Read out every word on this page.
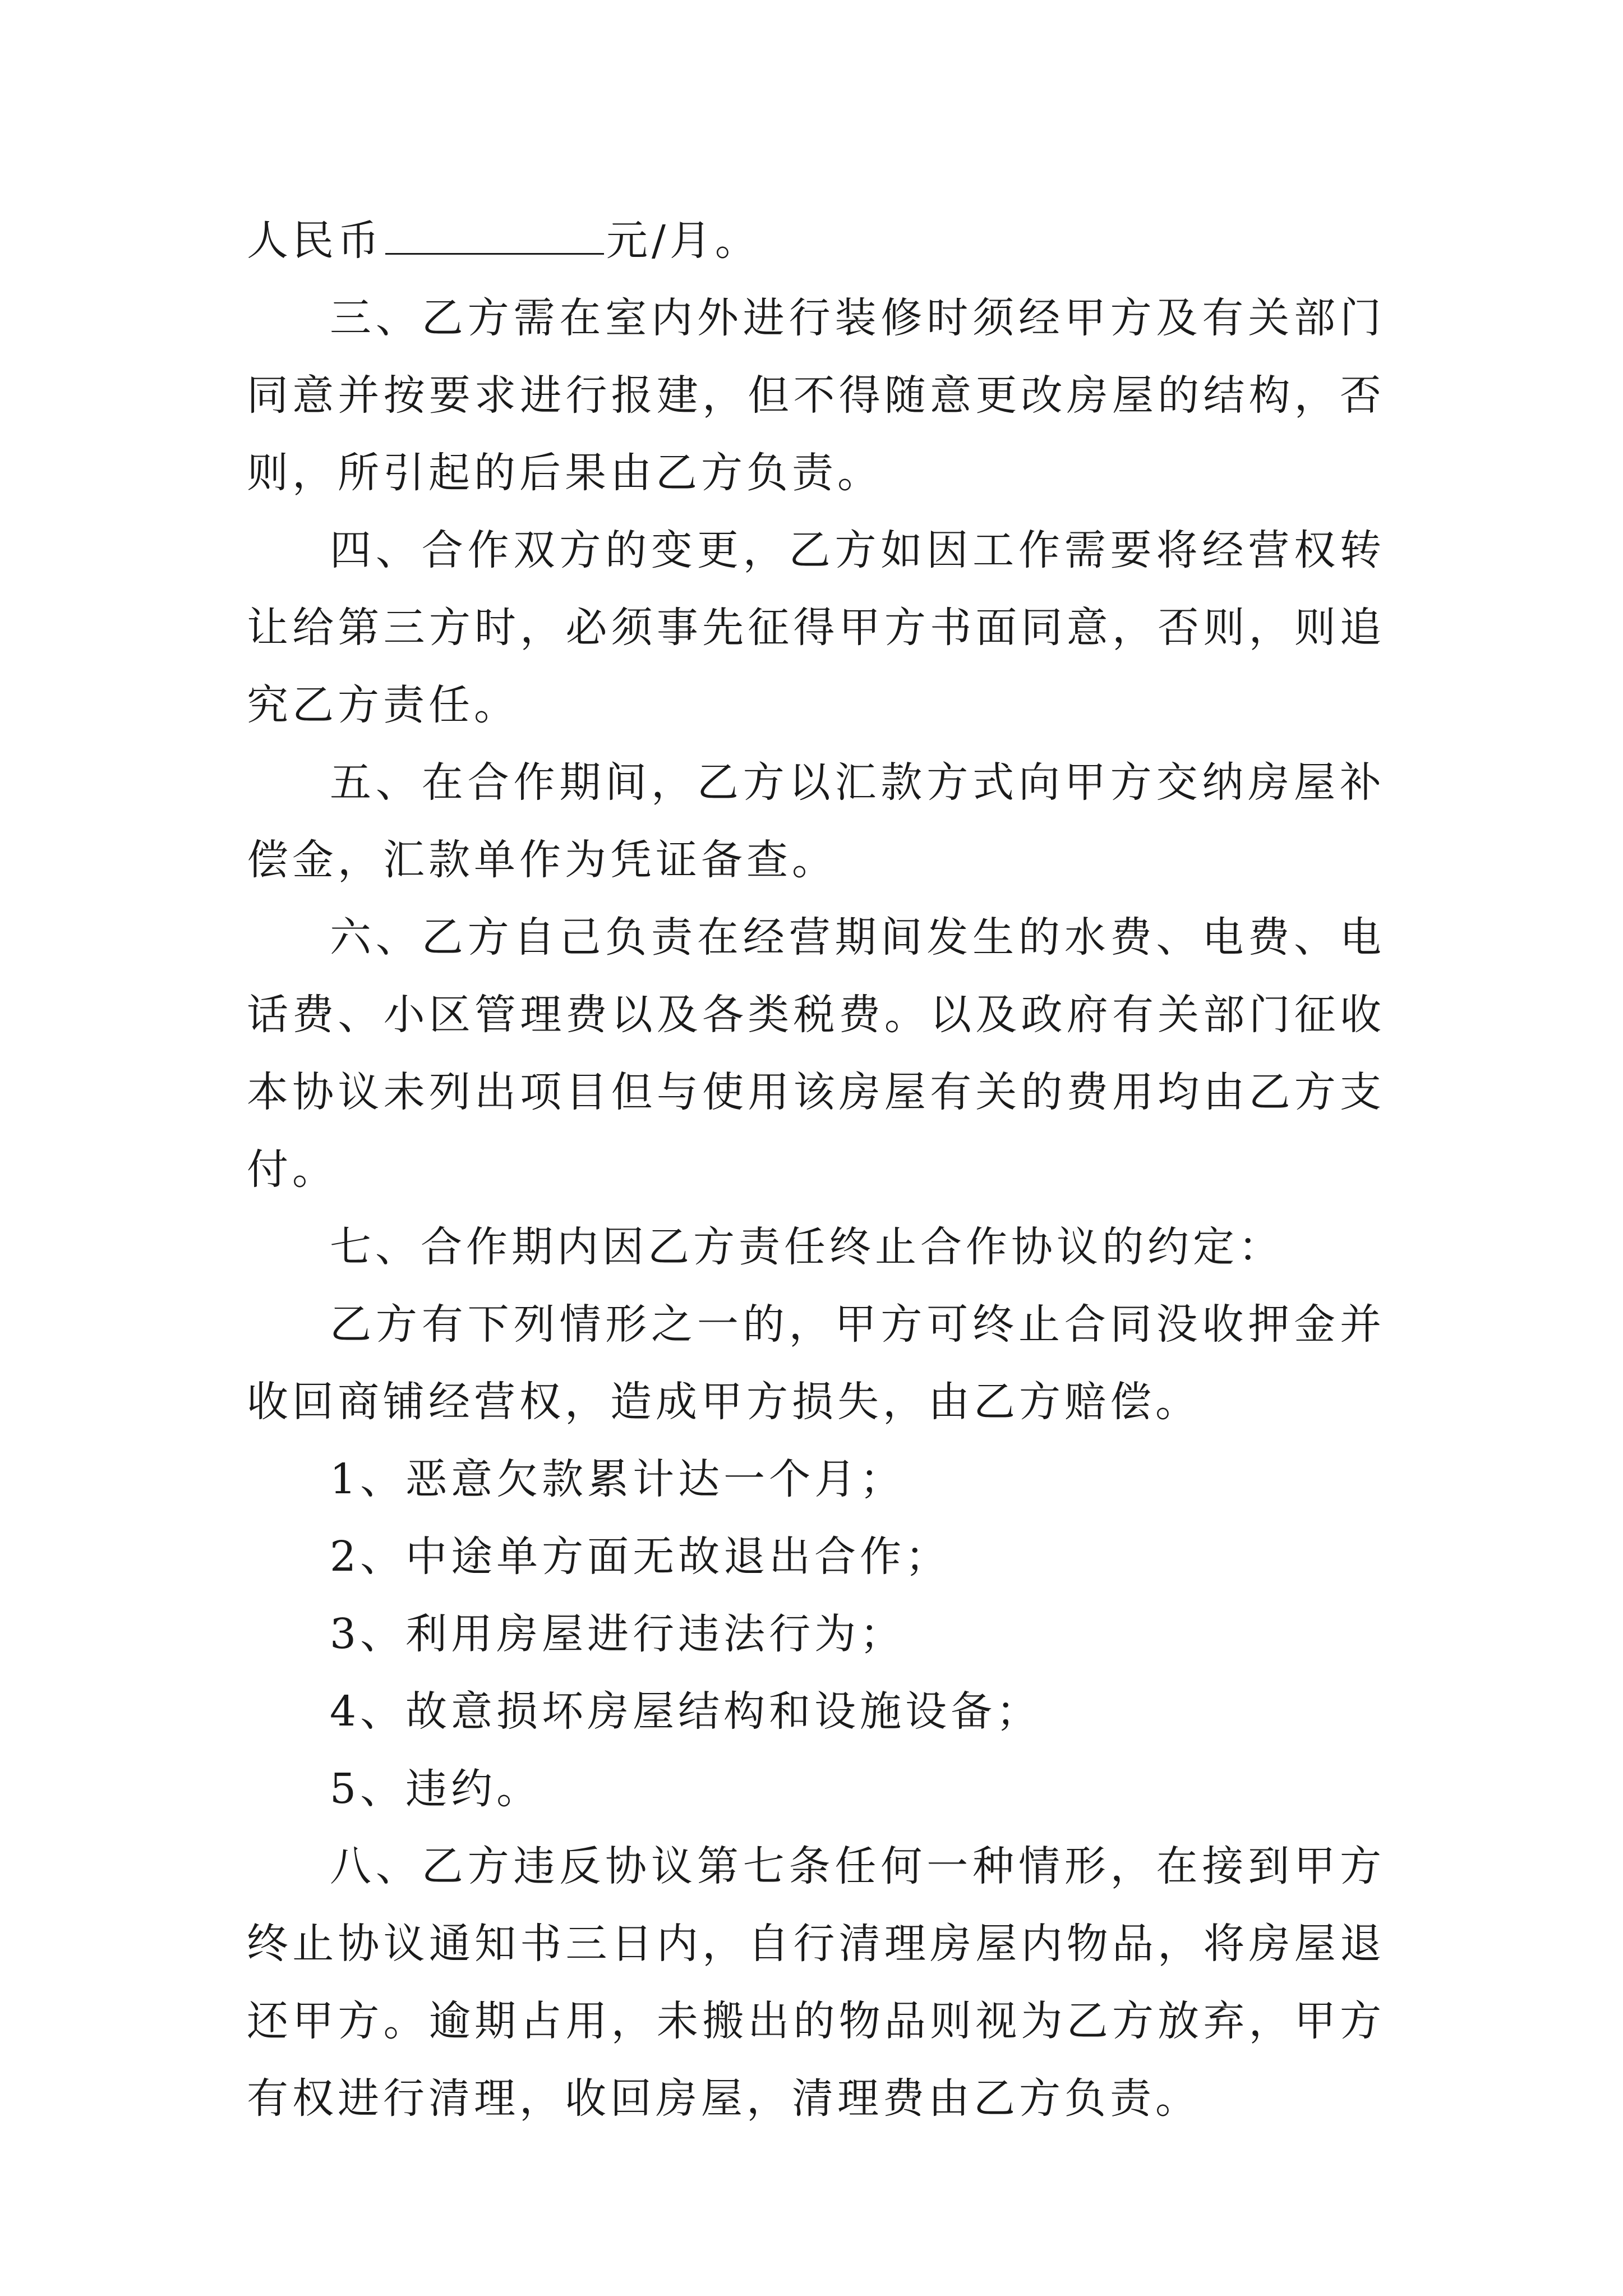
人民币	元/月。

三、乙方需在室内外进行装修时须经甲方及有关部门同意并按要求进行报建，但不得随意更改房屋的结构，否则，所引起的后果由乙方负责。

四、合作双方的变更，乙方如因工作需要将经营权转让给第三方时，必须事先征得甲方书面同意，否则，则追究乙方责任。

五、在合作期间，乙方以汇款方式向甲方交纳房屋补偿金，汇款单作为凭证备查。

六、乙方自己负责在经营期间发生的水费、电费、电话费、小区管理费以及各类税费。以及政府有关部门征收本协议未列出项目但与使用该房屋有关的费用均由乙方支付。

七、合作期内因乙方责任终止合作协议的约定：

乙方有下列情形之一的，甲方可终止合同没收押金并收回商铺经营权，造成甲方损失，由乙方赔偿。

1、恶意欠款累计达一个月；

2、中途单方面无故退出合作；

3、利用房屋进行违法行为；

4、故意损坏房屋结构和设施设备；

5、违约。

八、乙方违反协议第七条任何一种情形，在接到甲方终止协议通知书三日内，自行清理房屋内物品，将房屋退还甲方。逾期占用，未搬出的物品则视为乙方放弃，甲方有权进行清理，收回房屋，清理费由乙方负责。
